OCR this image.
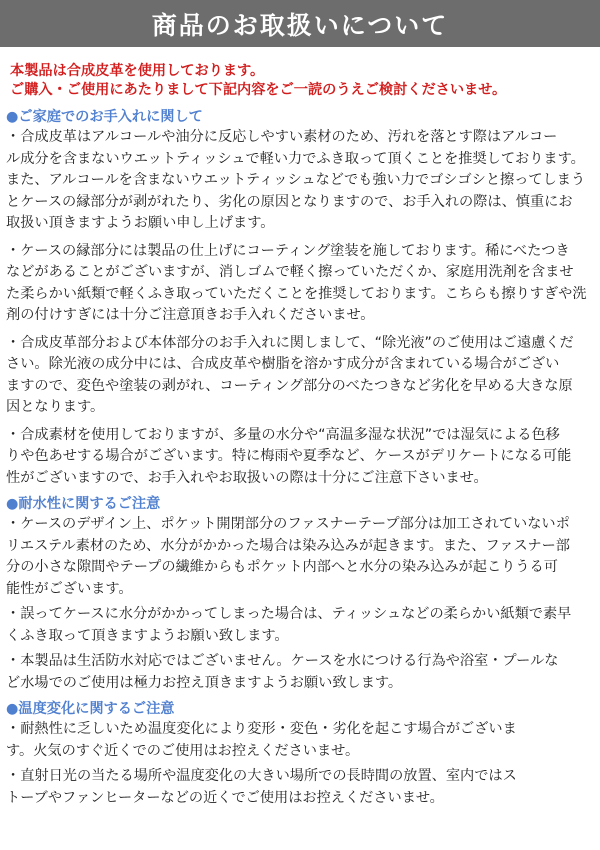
商品のお取扱いについて
本製品は合成皮革を使用しております。
ご購入・ご使用にあたりまして下記内容をご一読のうえご検討くださいませ。
●ご家庭でのお手入れに関して
・合成皮革はアルコールや油分に反応しやすい素材のため、汚れを落とす際はアルコー
ル成分を含まないウエットティッシュで軽い力でふき取って頂くことを推奨しております。
また、アルコールを含まないウエットティッシュなどでも強い力でゴシゴシと擦ってしまう
とケースの縁部分が剥がれたり、劣化の原因となりますので、お手入れの際は、慎重にお
取扱い頂きますようお願い申し上げます。
・ケースの縁部分には製品の仕上げにコーティング塗装を施しております。稀にべたつき
などがあることがございますが、消しゴムで軽く擦っていただくか、家庭用洗剤を含ませ
た柔らかい紙類で軽くふき取っていただくことを推奨しております。こちらも擦りすぎや洗
剤の付けすぎには十分ご注意頂きお手入れくださいませ。
・合成皮革部分および本体部分のお手入れに関しまして、“除光液”のご使用はご遠慮くだ
さい。除光液の成分中には、合成皮革や樹脂を溶かす成分が含まれている場合がござい
ますので、変色や塗装の剥がれ、コーティング部分のべたつきなど劣化を早める大きな原
因となります。
・合成素材を使用しておりますが、多量の水分や“高温多湿な状況”では湿気による色移
りや色あせする場合がございます。特に梅雨や夏季など、ケースがデリケートになる可能
性がございますので、お手入れやお取扱いの際は十分にご注意下さいませ。
●耐水性に関するご注意
・ケースのデザイン上、ポケット開閉部分のファスナーテープ部分は加工されていないポ
リエステル素材のため、水分がかかった場合は染み込みが起きます。また、ファスナー部
分の小さな隙間やテープの繊維からもポケット内部へと水分の染み込みが起こりうる可
能性がございます。
・誤ってケースに水分がかかってしまった場合は、ティッシュなどの柔らかい紙類で素早
くふき取って頂きますようお願い致します。
・本製品は生活防水対応ではございません。ケースを水につける行為や浴室・プールな
ど水場でのご使用は極力お控え頂きますようお願い致します。
●温度変化に関するご注意
・耐熱性に乏しいため温度変化により変形・変色・劣化を起こす場合がございま
す。火気のすぐ近くでのご使用はお控えくださいませ。
・直射日光の当たる場所や温度変化の大きい場所での長時間の放置、室内ではス
トーブやファンヒーターなどの近くでご使用はお控えくださいませ。
